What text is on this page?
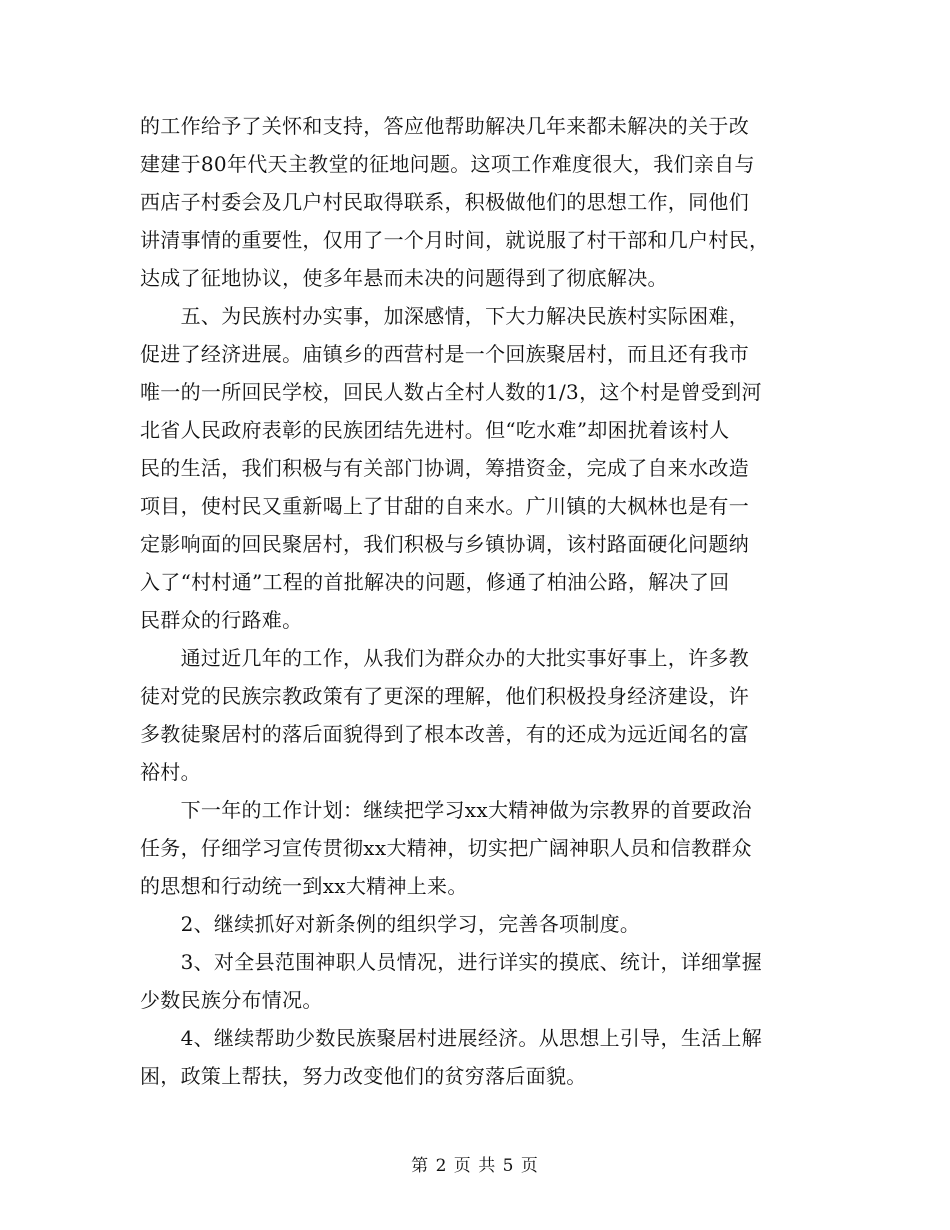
的工作给予了关怀和支持，答应他帮助解决几年来都未解决的关于改
建建于80年代天主教堂的征地问题。这项工作难度很大，我们亲自与
西店子村委会及几户村民取得联系，积极做他们的思想工作，同他们
讲清事情的重要性，仅用了一个月时间，就说服了村干部和几户村民，
达成了征地协议，使多年悬而未决的问题得到了彻底解决。
　　五、为民族村办实事，加深感情，下大力解决民族村实际困难，
促进了经济进展。庙镇乡的西营村是一个回族聚居村，而且还有我市
唯一的一所回民学校，回民人数占全村人数的1/3，这个村是曾受到河
北省人民政府表彰的民族团结先进村。但“吃水难”却困扰着该村人
民的生活，我们积极与有关部门协调，筹措资金，完成了自来水改造
项目，使村民又重新喝上了甘甜的自来水。广川镇的大枫林也是有一
定影响面的回民聚居村，我们积极与乡镇协调，该村路面硬化问题纳
入了“村村通”工程的首批解决的问题，修通了柏油公路，解决了回
民群众的行路难。
　　通过近几年的工作，从我们为群众办的大批实事好事上，许多教
徒对党的民族宗教政策有了更深的理解，他们积极投身经济建设，许
多教徒聚居村的落后面貌得到了根本改善，有的还成为远近闻名的富
裕村。
　　下一年的工作计划：继续把学习xx大精神做为宗教界的首要政治
任务，仔细学习宣传贯彻xx大精神，切实把广阔神职人员和信教群众
的思想和行动统一到xx大精神上来。
　　2、继续抓好对新条例的组织学习，完善各项制度。
　　3、对全县范围神职人员情况，进行详实的摸底、统计，详细掌握
少数民族分布情况。
　　4、继续帮助少数民族聚居村进展经济。从思想上引导，生活上解
困，政策上帮扶，努力改变他们的贫穷落后面貌。
第 2 页 共 5 页
